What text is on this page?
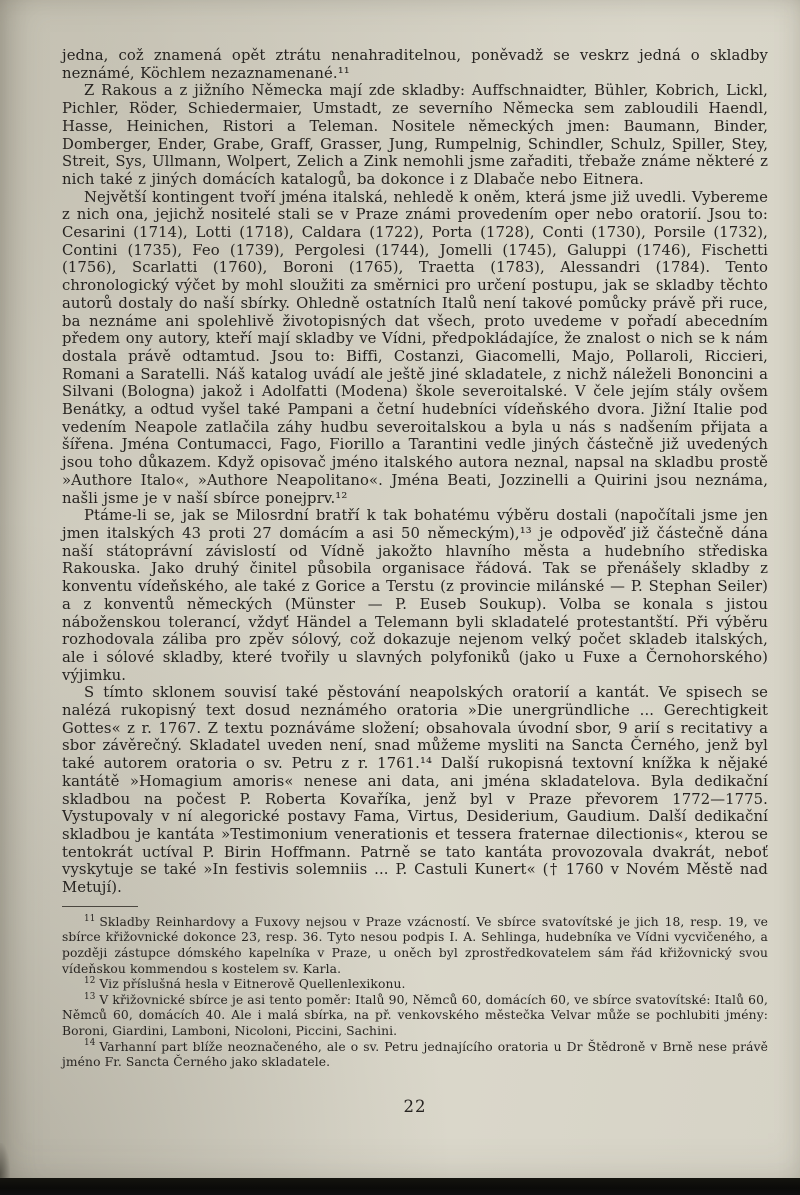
jedna, což znamená opět ztrátu nenahraditelnou, poněvadž se veskrz jedná o skladby neznámé, Köchlem nezaznamenané.¹¹

Z Rakous a z jižního Německa mají zde skladby: Auffschnaidter, Bühler, Kobrich, Lickl, Pichler, Röder, Schiedermaier, Umstadt, ze severního Německa sem zabloudili Haendl, Hasse, Heinichen, Ristori a Teleman. Nositele německých jmen: Baumann, Binder, Domberger, Ender, Grabe, Graff, Grasser, Jung, Rumpelnig, Schindler, Schulz, Spiller, Stey, Streit, Sys, Ullmann, Wolpert, Zelich a Zink nemohli jsme zařaditi, třebaže známe některé z nich také z jiných domácích katalogů, ba dokonce i z Dlabače nebo Eitnera.

Největší kontingent tvoří jména italská, nehledě k oněm, která jsme již uvedli. Vybereme z nich ona, jejichž nositelé stali se v Praze známi provedením oper nebo oratorií. Jsou to: Cesarini (1714), Lotti (1718), Caldara (1722), Porta (1728), Conti (1730), Porsile (1732), Contini (1735), Feo (1739), Pergolesi (1744), Jomelli (1745), Galuppi (1746), Fischetti (1756), Scarlatti (1760), Boroni (1765), Traetta (1783), Alessandri (1784). Tento chronologický výčet by mohl sloužiti za směrnici pro určení postupu, jak se skladby těchto autorů dostaly do naší sbírky. Ohledně ostatních Italů není takové pomůcky právě při ruce, ba neznáme ani spolehlivě životopisných dat všech, proto uvedeme v pořadí abecedním předem ony autory, kteří mají skladby ve Vídni, předpokládajíce, že znalost o nich se k nám dostala právě odtamtud. Jsou to: Biffi, Costanzi, Giacomelli, Majo, Pollaroli, Riccieri, Romani a Saratelli. Náš katalog uvádí ale ještě jiné skladatele, z nichž náleželi Bononcini a Silvani (Bologna) jakož i Adolfatti (Modena) škole severoitalské. V čele jejím stály ovšem Benátky, a odtud vyšel také Pampani a četní hudebníci vídeňského dvora. Jižní Italie pod vedením Neapole zatlačila záhy hudbu severoitalskou a byla u nás s nadšením přijata a šířena. Jména Contumacci, Fago, Fiorillo a Tarantini vedle jiných částečně již uvedených jsou toho důkazem. Když opisovač jméno italského autora neznal, napsal na skladbu prostě »Authore Italo«, »Authore Neapolitano«. Jména Beati, Jozzinelli a Quirini jsou neznáma, našli jsme je v naší sbírce ponejprv.¹²

Ptáme-li se, jak se Milosrdní bratří k tak bohatému výběru dostali (napočítali jsme jen jmen italských 43 proti 27 domácím a asi 50 německým),¹³ je odpověď již částečně dána naší státoprávní závislostí od Vídně jakožto hlavního města a hudebního střediska Rakouska. Jako druhý činitel působila organisace řádová. Tak se přenášely skladby z konventu vídeňského, ale také z Gorice a Terstu (z provincie milánské — P. Stephan Seiler) a z konventů německých (Münster — P. Euseb Soukup). Volba se konala s jistou náboženskou tolerancí, vždyť Händel a Telemann byli skladatelé protestantští. Při výběru rozhodovala záliba pro zpěv sólový, což dokazuje nejenom velký počet skladeb italských, ale i sólové skladby, které tvořily u slavných polyfoniků (jako u Fuxe a Černohorského) výjimku.

S tímto sklonem souvisí také pěstování neapolských oratorií a kantát. Ve spisech se nalézá rukopisný text dosud neznámého oratoria »Die unergründliche ... Gerechtigkeit Gottes« z r. 1767. Z textu poznáváme složení; obsahovala úvodní sbor, 9 arií s recitativy a sbor závěrečný. Skladatel uveden není, snad můžeme mysliti na Sancta Černého, jenž byl také autorem oratoria o sv. Petru z r. 1761.¹⁴ Další rukopisná textovní knížka k nějaké kantátě »Homagium amoris« nenese ani data, ani jména skladatelova. Byla dedikační skladbou na počest P. Roberta Kovaříka, jenž byl v Praze převorem 1772—1775. Vystupovaly v ní alegorické postavy Fama, Virtus, Desiderium, Gaudium. Další dedikační skladbou je kantáta »Testimonium venerationis et tessera fraternae dilectionis«, kterou se tentokrát uctíval P. Birin Hoffmann. Patrně se tato kantáta provozovala dvakrát, neboť vyskytuje se také »In festivis solemniis ... P. Castuli Kunert« († 1760 v Novém Městě nad Metují).

$^{11}$ Skladby Reinhardovy a Fuxovy nejsou v Praze vzácností. Ve sbírce svatovítské je jich 18, resp. 19, ve sbírce křižovnické dokonce 23, resp. 36. Tyto nesou podpis I. A. Sehlinga, hudebníka ve Vídni vycvičeného, a později zástupce dómského kapelníka v Praze, u oněch byl zprostředkovatelem sám řád křižovnický svou vídeňskou kommendou s kostelem sv. Karla.

$^{12}$ Viz příslušná hesla v Eitnerově Quellenlexikonu.

$^{13}$ V křižovnické sbírce je asi tento poměr: Italů 90, Němců 60, domácích 60, ve sbírce svatovítské: Italů 60, Němců 60, domácích 40. Ale i malá sbírka, na př. venkovského městečka Velvar může se pochlubiti jmény: Boroni, Giardini, Lamboni, Nicoloni, Piccini, Sachini.

$^{14}$ Varhanní part blíže neoznačeného, ale o sv. Petru jednajícího oratoria u Dr Štědroně v Brně nese právě jméno Fr. Sancta Černého jako skladatele.

22
